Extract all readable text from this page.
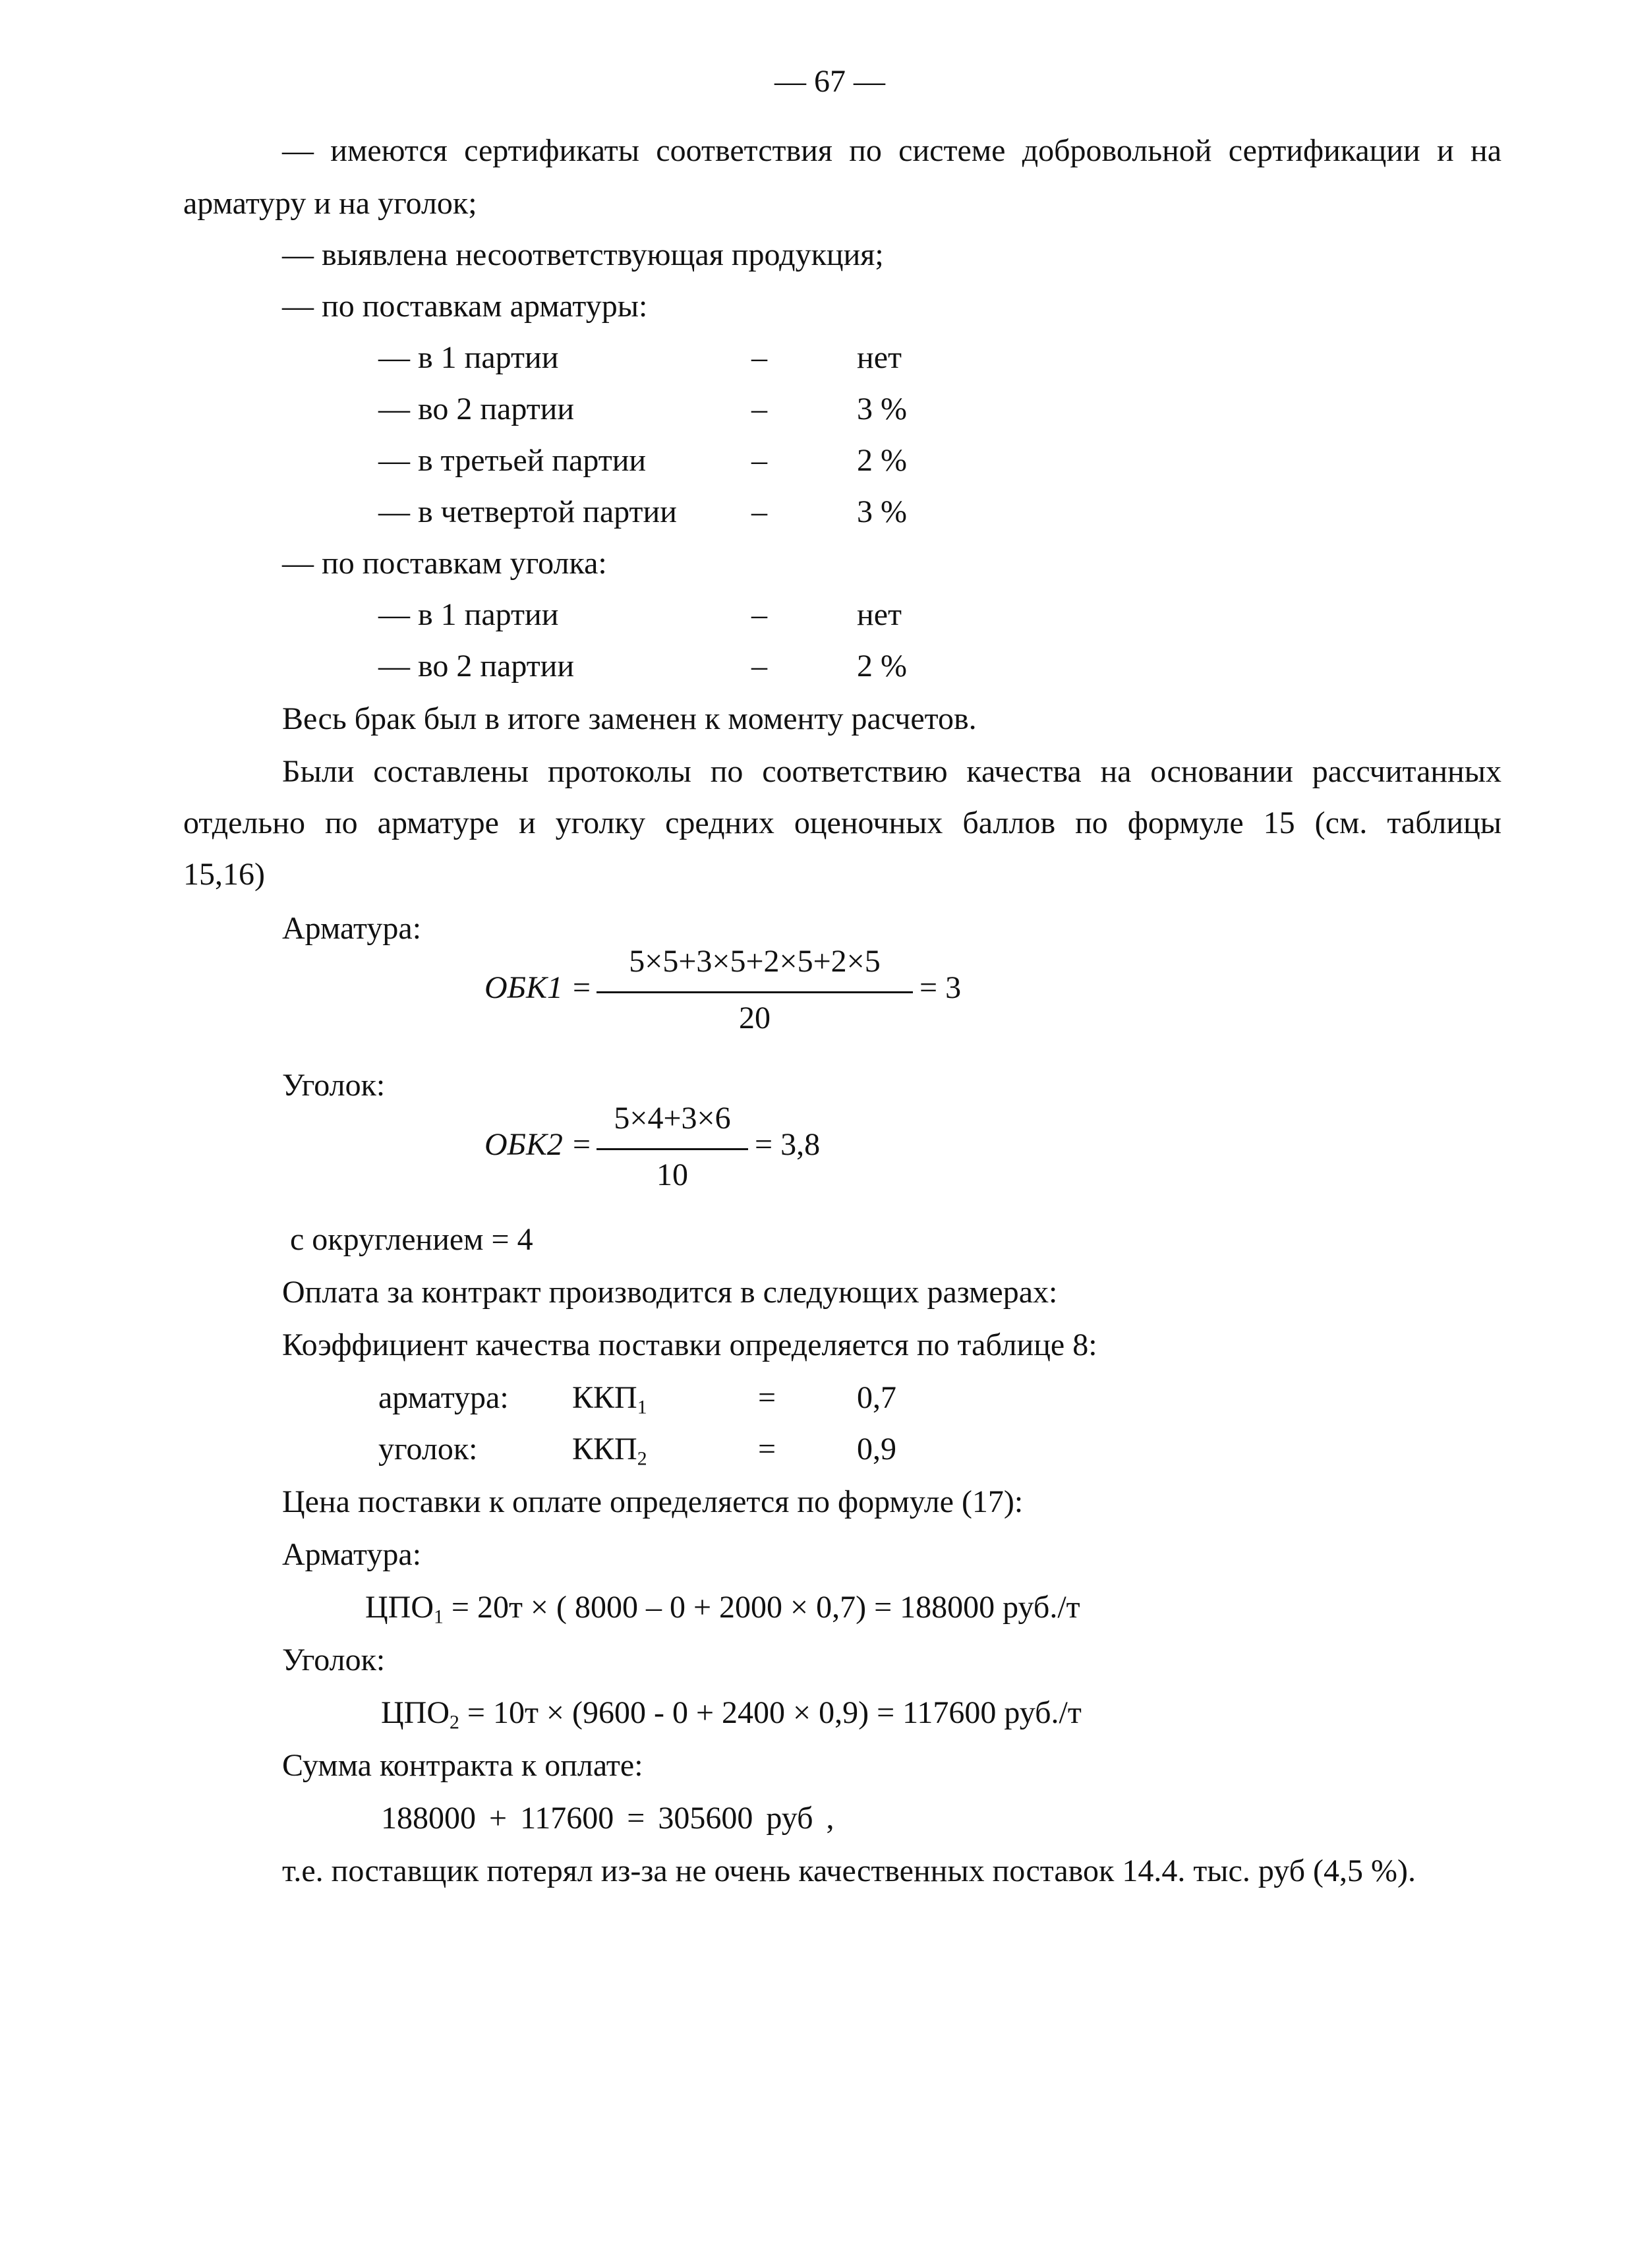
— 67 —
— имеются сертификаты соответствия по системе добровольной сертификации и на
арматуру и на уголок;
— выявлена несоответствующая продукция;
— по поставкам арматуры:
— в 1 партии	–	нет
— во 2 партии	–	3 %
— в третьей партии	–	2 %
— в четвертой партии –	3 %
— по поставкам уголка:
— в 1 партии	–	нет
— во 2 партии	–	2 %
Весь брак был в итоге заменен к моменту расчетов.
Были составлены протоколы по соответствию качества на основании рассчитанных
отдельно по арматуре и уголку средних оценочных баллов по формуле 15 (см. таблицы
15,16)
Арматура:
ОБК1 =
5×5+3×5+2×5+2×5
20
= 3
Уголок:
ОБК2 =
5×4+3×6
10
= 3,8
с округлением = 4
Оплата за контракт производится в следующих размерах:
Коэффициент качества поставки определяется по таблице 8:
арматура: $ККП_1$	=	0,7
уголок:	$ККП_2$	=	0,9
Цена поставки к оплате определяется по формуле (17):
Арматура:
$ЦПО_1 = 20т$ × ( 8000 – 0 + 2000 × 0,7) = 188000 руб./т
Уголок:
$ЦПО_2 = 10т \times (9600 - 0 + 2400 \times 0,9) = 117600$ руб./т
Сумма контракта к оплате:
188000 + 117600 = 305600 руб ,
т.е. поставщик потерял из-за не очень качественных поставок 14.4. тыс. руб (4,5 %).
